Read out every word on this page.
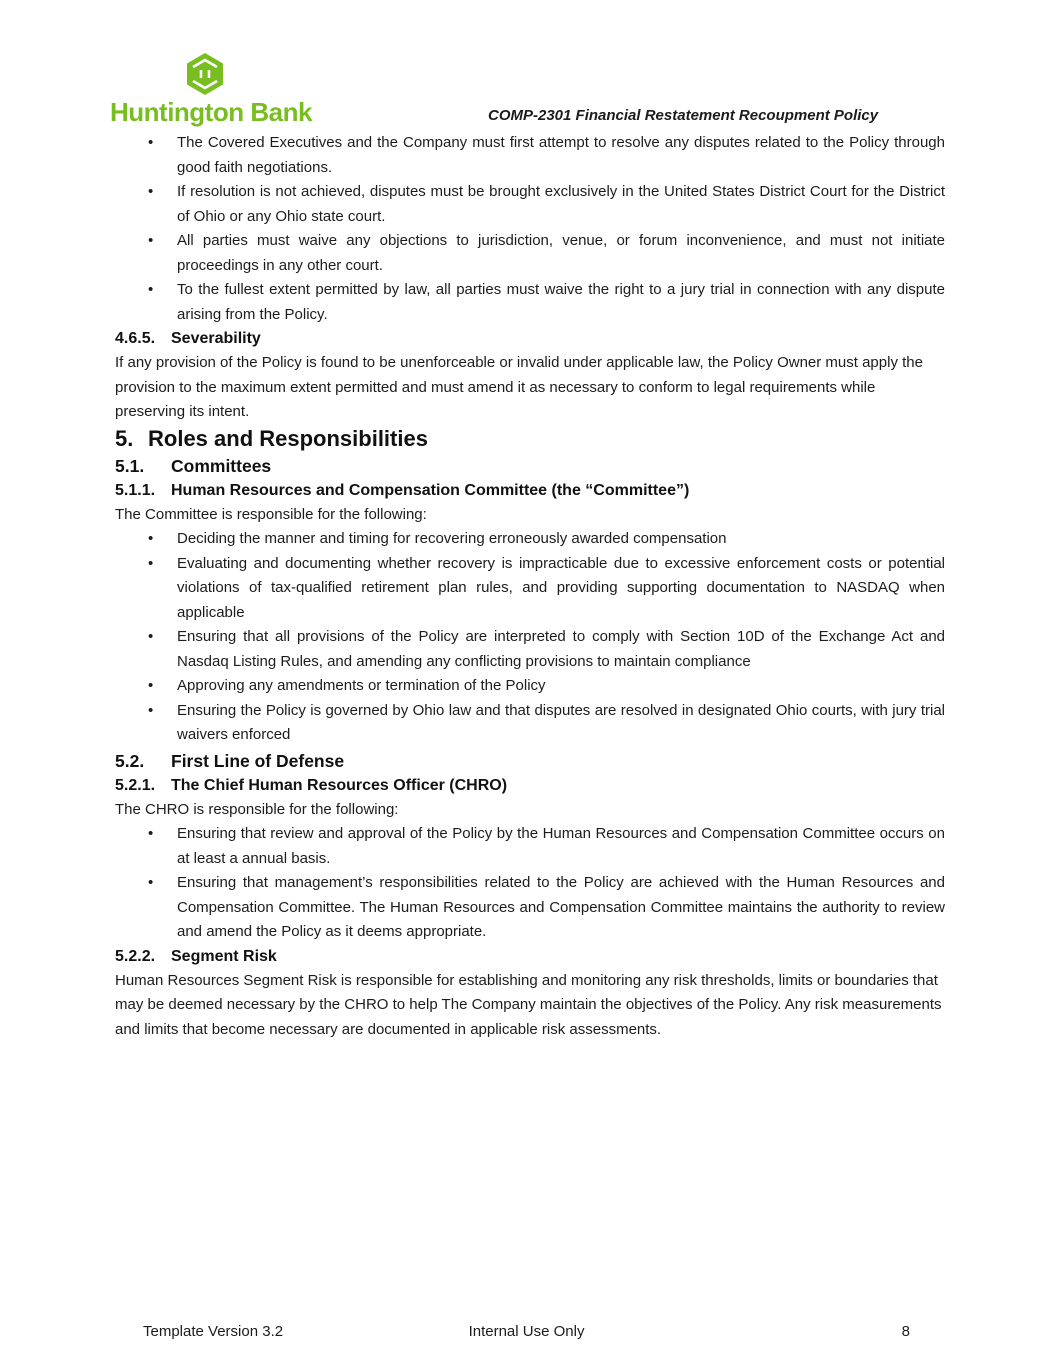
Huntington Bank	COMP-2301 Financial Restatement Recoupment Policy
• The Covered Executives and the Company must first attempt to resolve any disputes related to the Policy through good faith negotiations.
• If resolution is not achieved, disputes must be brought exclusively in the United States District Court for the District of Ohio or any Ohio state court.
• All parties must waive any objections to jurisdiction, venue, or forum inconvenience, and must not initiate proceedings in any other court.
• To the fullest extent permitted by law, all parties must waive the right to a jury trial in connection with any dispute arising from the Policy.
4.6.5. Severability

If any provision of the Policy is found to be unenforceable or invalid under applicable law, the Policy Owner must apply the provision to the maximum extent permitted and must amend it as necessary to conform to legal requirements while preserving its intent.

5. Roles and Responsibilities
5.1. Committees
5.1.1. Human Resources and Compensation Committee (the “Committee”)

The Committee is responsible for the following:

• Deciding the manner and timing for recovering erroneously awarded compensation
• Evaluating and documenting whether recovery is impracticable due to excessive enforcement costs or potential violations of tax-qualified retirement plan rules, and providing supporting documentation to NASDAQ when applicable
• Ensuring that all provisions of the Policy are interpreted to comply with Section 10D of the Exchange Act and Nasdaq Listing Rules, and amending any conflicting provisions to maintain compliance
• Approving any amendments or termination of the Policy
• Ensuring the Policy is governed by Ohio law and that disputes are resolved in designated Ohio courts, with jury trial waivers enforced
5.2. First Line of Defense
5.2.1. The Chief Human Resources Officer (CHRO)

The CHRO is responsible for the following:

• Ensuring that review and approval of the Policy by the Human Resources and Compensation Committee occurs on at least a annual basis.
• Ensuring that management’s responsibilities related to the Policy are achieved with the Human Resources and Compensation Committee. The Human Resources and Compensation Committee maintains the authority to review and amend the Policy as it deems appropriate.
5.2.2. Segment Risk

Human Resources Segment Risk is responsible for establishing and monitoring any risk thresholds, limits or boundaries that may be deemed necessary by the CHRO to help The Company maintain the objectives of the Policy. Any risk measurements and limits that become necessary are documented in applicable risk assessments.

Template Version 3.2	Internal Use Only	8
